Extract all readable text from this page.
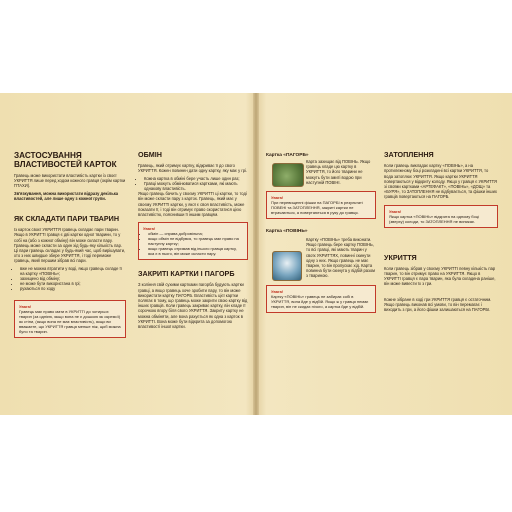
ЗАСТОСУВАННЯ ВЛАСТИВОСТЕЙ КАРТОК

Гравець може використати властивість картки із своєї УКРИТТЯ лише перед ходом кожного гравця (окрім картки ПТАХИ).

Зв'язкування, можна використати відразу декілька властивостей, але лише одну з кожної групи.

ЯК СКЛАДАТИ ПАРИ ТВАРИН

Із карток своєї УКРИТТЯ гравець складає пари тварин. Якщо в УКРИТТІ гравця є дві картки одної тварини, то у собі на (або з кожної обміну) він може скласти пару. Гравець може скласти за один хід будь-яку кількість пар. Ці пари гравець складає у будь-який час, щоб вирішувати, хто з них швидше збере УКРИТТЯ, і тоді переможе гравець, який першим зібрав всі пари.

• вже не можна втратити у воді, якщо гравець складе її на картку «ПОВІНЬ»;
• захищено від обміну;
• не може бути використана в грі;
• рухаються по ходу
Увага!
Гравець має право мати в УКРИТТІ до чотирьох тварин (за однією, якщо вона не є дошкою як окремої) як стіни, (якщо вона не має властивість), якщо ви вважаєте, що УКРИТТЯ гравця менше ніж, щоб можна було та тварин.
ОБМІН

Гравець, який отримує картку, відкриває її до свого УКРИТТЯ. Кожен повинен дати одну картку, яку має у грі.

• Кожна картка в обміні бере участь лише один раз;
• Гравці можуть обмінюватися картками, які мають однакову властивість.

Якщо гравець бачить у своєму УКРИТТІ ці картки, то тоді він може скласти пару з карток. Гравець, який має у своєму УКРИТТІ картки, у якої є своя властивість, може показати її, і тоді він отримує право скористатися цією властивістю, пояснивши її іншим гравцям.

Увага!
• обмін — справа добровільна;
• якщо обмін не відбувся, то гравець має право на наступну картку;
• якщо гравець отримав від іншого гравця картку, яка є в нього, він може скласти пару.
ЗАКРИТІ КАРТКИ І ПАГОРБ

З коління свій сухими картками пагорба будують картки гравці, а якщо гравець хоче зробити пару, то він може використати картку ПАГОРБ. Властивість цієї картки полягає в тому, що гравець може закрити свою картку від інших гравців. Коли гравець закриває картку, він кладе її сорочкою вгору біля свого УКРИТТЯ. Закриту картку не можна обміняти, але вона рахується як одна з карток в УКРИТТІ. Вона може бути відкрита за допомогою властивості іншої картки.

Картка «ПАГОРБ»

Карта захищає від ПОВІНЬ. Якщо гравець кладе цю картку в УКРИТТЯ, то його тварини не можуть бути змиті водою при наступній ПОВІНІ.

Увага!
При перевищенні фішки на ПАГОРБІ в результаті ПОВЕНІ та ЗАТОПЛЕННЯ, закриті картки не втрачаються, а повертаються в руку до гравця.
Картка «ПОВІНЬ»

Картку «ПОВІНЬ» треба виконати. Якщо гравець бере картку ПОВІНЬ, то всі гравці, які мають тварин у своїх УКРИТТЯХ, повинні скинути одну з них. Якщо гравець не має тварин, то він пропускає хід. Карта повинна бути скинута у відбій разом з твариною.

Увага!
Картку «ПОВІНЬ» гравець не забирає собі в УКРИТТЯ, вона йде у відбій. Якщо ж у гравця немає тварин, він не скидає нічого, а картка йде у відбій.
ЗАТОПЛЕННЯ

Коли гравець викладає картку «ПОВІНЬ», а на протилежному боці розкладені всі картки УКРИТТЯ, то вода затоплює УКРИТТЯ. Якщо картки УКРИТТЯ повертаються у відкриту колоду. Якщо у гравця є УКРИТТЯ зі своїми картками «АРТЕФАКТ», «ПОВІНЬ», «ДОЩ» та «БУРЯ», то ЗАТОПЛЕННЯ не відбувається, та фішки інших гравців повертаються на ПАГОРБ.

Увага!
Якщо картка «ПОВІНЬ» відкрита на одному боці (зверху) колоди, то ЗАТОПЛЕННЯ не виникає.
УКРИТТЯ

Коли гравець зібрав у своєму УКРИТТІ певну кількість пар тварин, то він отримує право на УКРИТТЯ. Якщо в УКРИТТІ гравця є пара тварин, яка була складена раніше, він може вивести їх з гри.

Кожне зібране в ході гри УКРИТТЯ гравця є остаточним. Якщо гравець виконав всі умови, то він перемагає і виходить з гри, а його фішки залишаються на ПАГОРБІ.
